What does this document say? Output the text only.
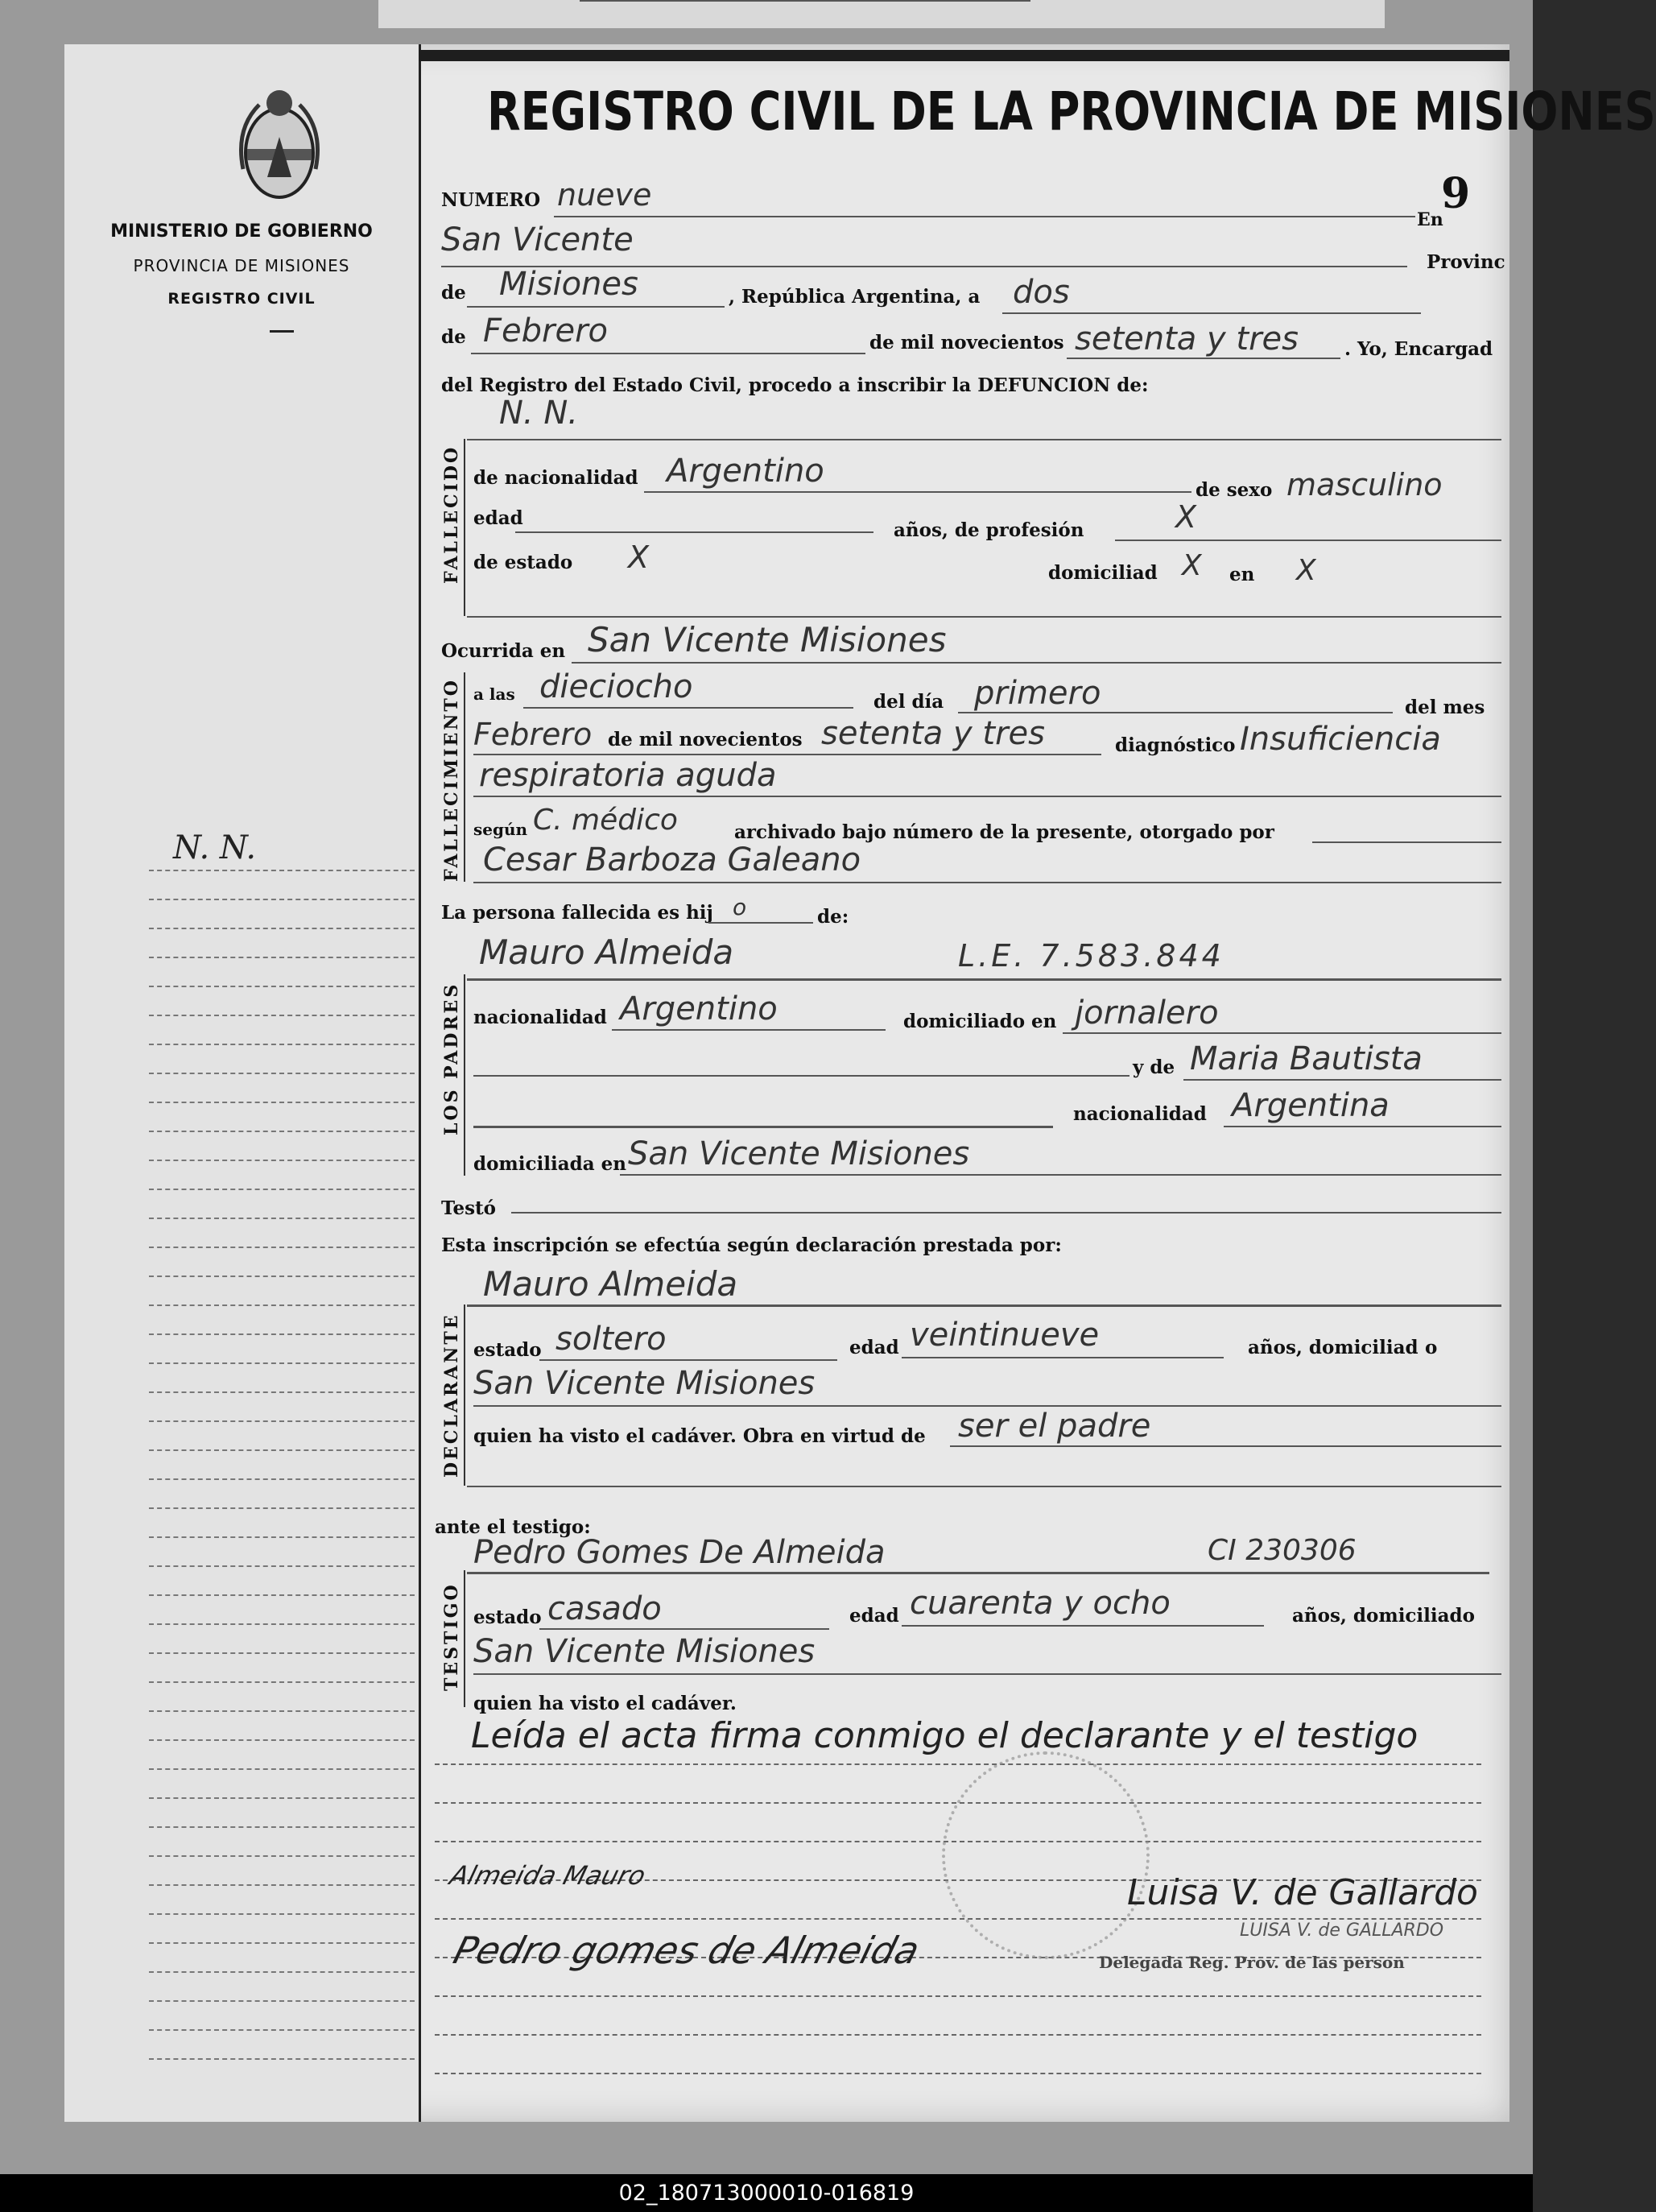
MINISTERIO DE GOBIERNO
PROVINCIA DE MISIONES
REGISTRO CIVIL
N. N.
REGISTRO CIVIL DE LA PROVINCIA DE MISIONES
9
NUMERO nueve
En
San Vicente
Provinc
de Misiones	, República Argentina, a dos
de Febrero	de mil novecientos setenta y tres . Yo, Encargad
del Registro del Estado Civil, procedo a inscribir la DEFUNCION de:
FALLECIDO
N. N.
de nacionalidad Argentino
de sexo masculino
edad
años, de profesión	X
de estado X	domiciliad X en X
Ocurrida en San Vicente Misiones
FALLECIMIENTO a las dieciocho	del día primero	del mes
Febrero de mil novecientos setenta y tres	diagnóstico Insuficiencia
respiratoria aguda
según C. médico	archivado bajo número de la presente, otorgado por
Cesar Barboza Galeano
La persona fallecida es hij o	de:
LOS PADRES
Mauro Almeida	L.E. 7.583.844
nacionalidad Argentino	domiciliado en jornalero
y de Maria Bautista
nacionalidad Argentina
domiciliada en San Vicente Misiones
Testó
Esta inscripción se efectúa según declaración prestada por:
DECLARANTE
Mauro Almeida
estado soltero	edad veintinueve	años, domiciliad o
San Vicente Misiones
quien ha visto el cadáver. Obra en virtud de ser el padre
ante el testigo:
TESTIGO
Pedro Gomes De Almeida	CI 230306
estado casado	edad cuarenta y ocho	años, domiciliado
San Vicente Misiones
quien ha visto el cadáver.
Leída el acta firma conmigo el declarante y el testigo
Almeida Mauro	Luisa V. de Gallardo
LUISA V. de GALLARDO
Pedro gomes de Almeida	Delegada Reg. Prov. de las person
02_180713000010-016819
